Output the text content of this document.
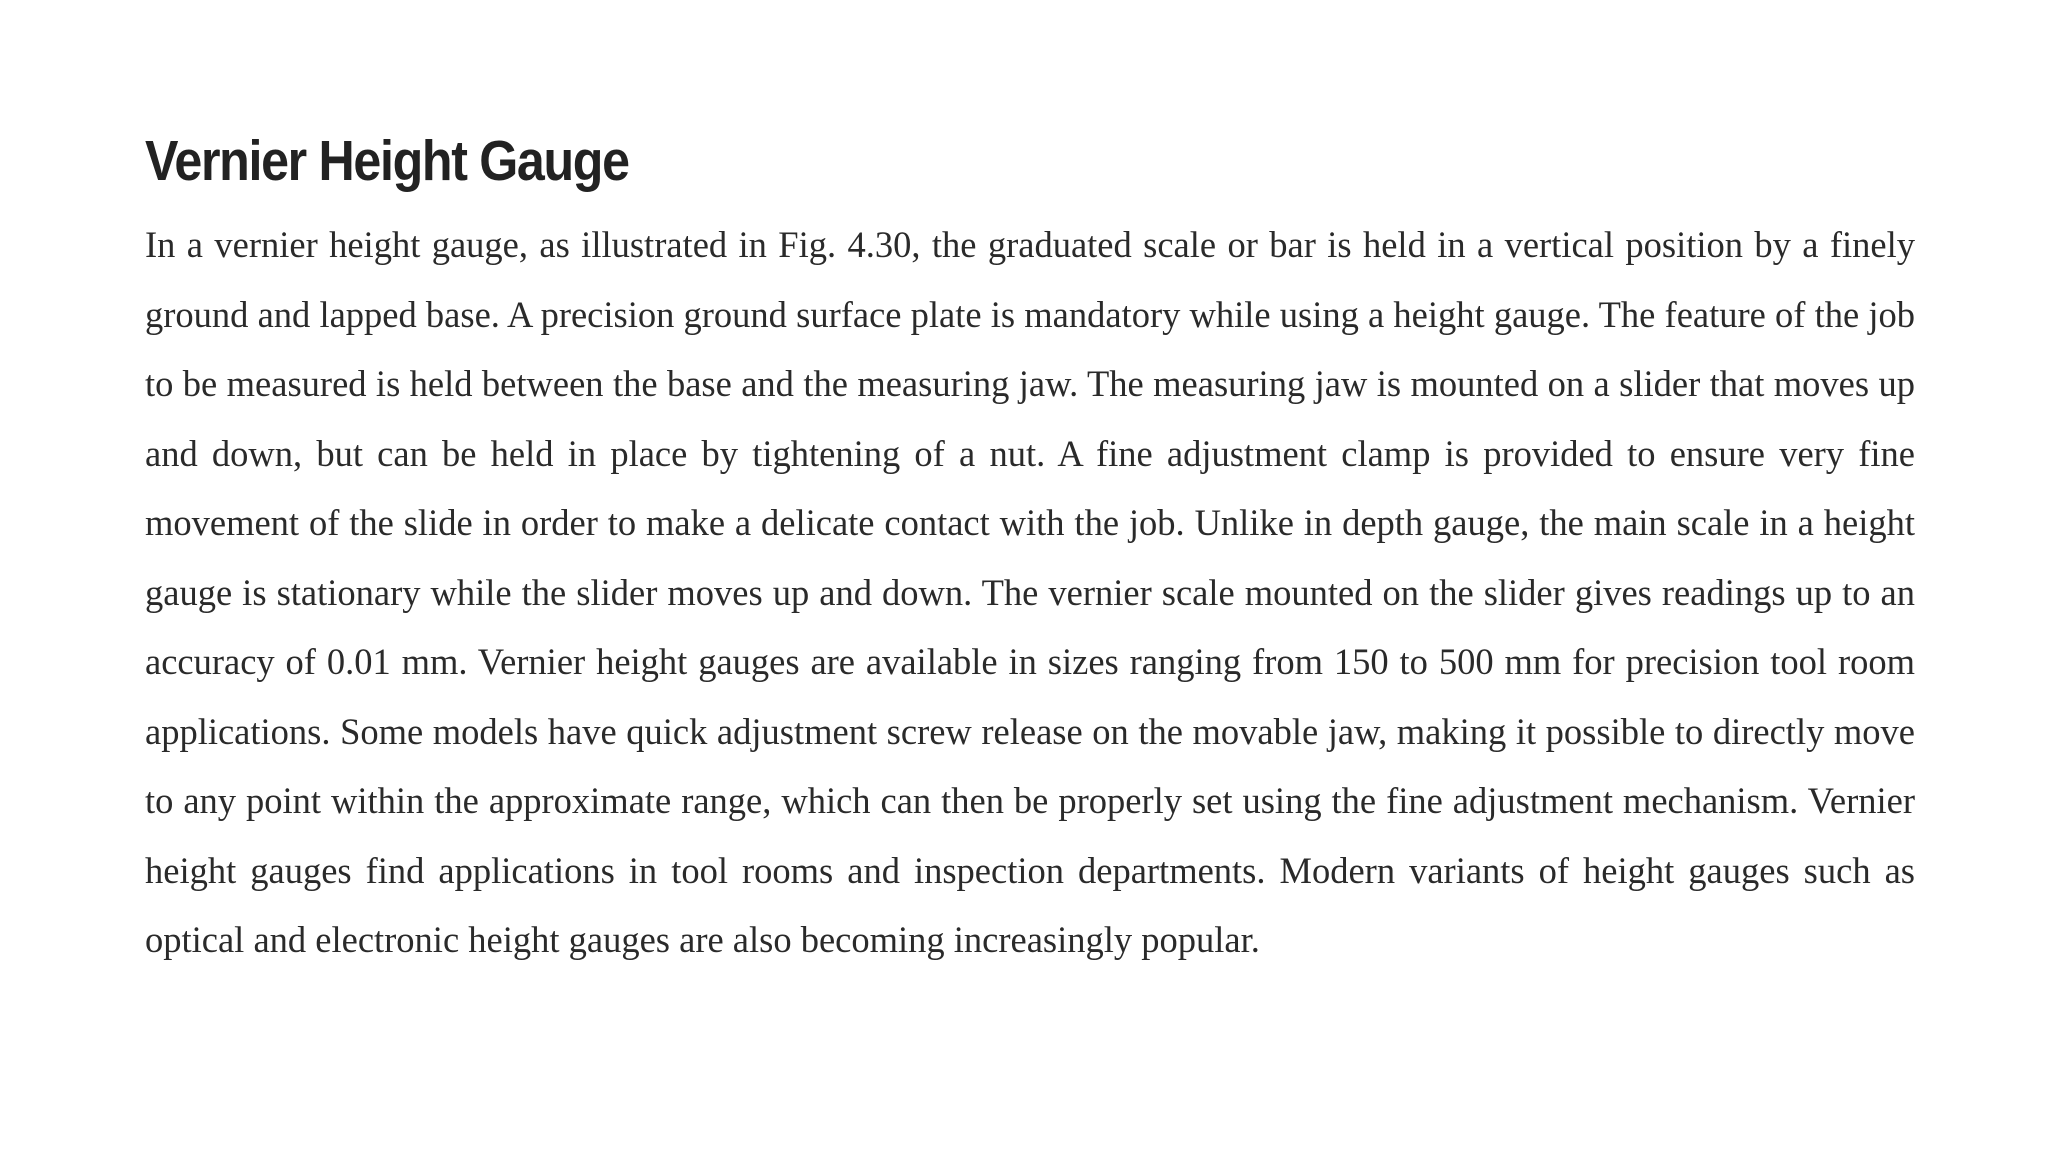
Vernier Height Gauge

In a vernier height gauge, as illustrated in Fig. 4.30, the graduated scale or bar is held in a vertical position by a finely ground and lapped base. A precision ground surface plate is mandatory while using a height gauge. The feature of the job to be measured is held between the base and the measuring jaw. The measuring jaw is mounted on a slider that moves up and down, but can be held in place by tightening of a nut. A fine adjustment clamp is provided to ensure very fine movement of the slide in order to make a delicate contact with the job. Unlike in depth gauge, the main scale in a height gauge is stationary while the slider moves up and down. The vernier scale mounted on the slider gives readings up to an accuracy of 0.01 mm. Vernier height gauges are available in sizes ranging from 150 to 500 mm for precision tool room applications. Some models have quick adjustment screw release on the movable jaw, making it possible to directly move to any point within the approximate range, which can then be properly set using the fine adjustment mechanism. Vernier height gauges find applications in tool rooms and inspection departments. Modern variants of height gauges such as optical and electronic height gauges are also becoming increasingly popular.
